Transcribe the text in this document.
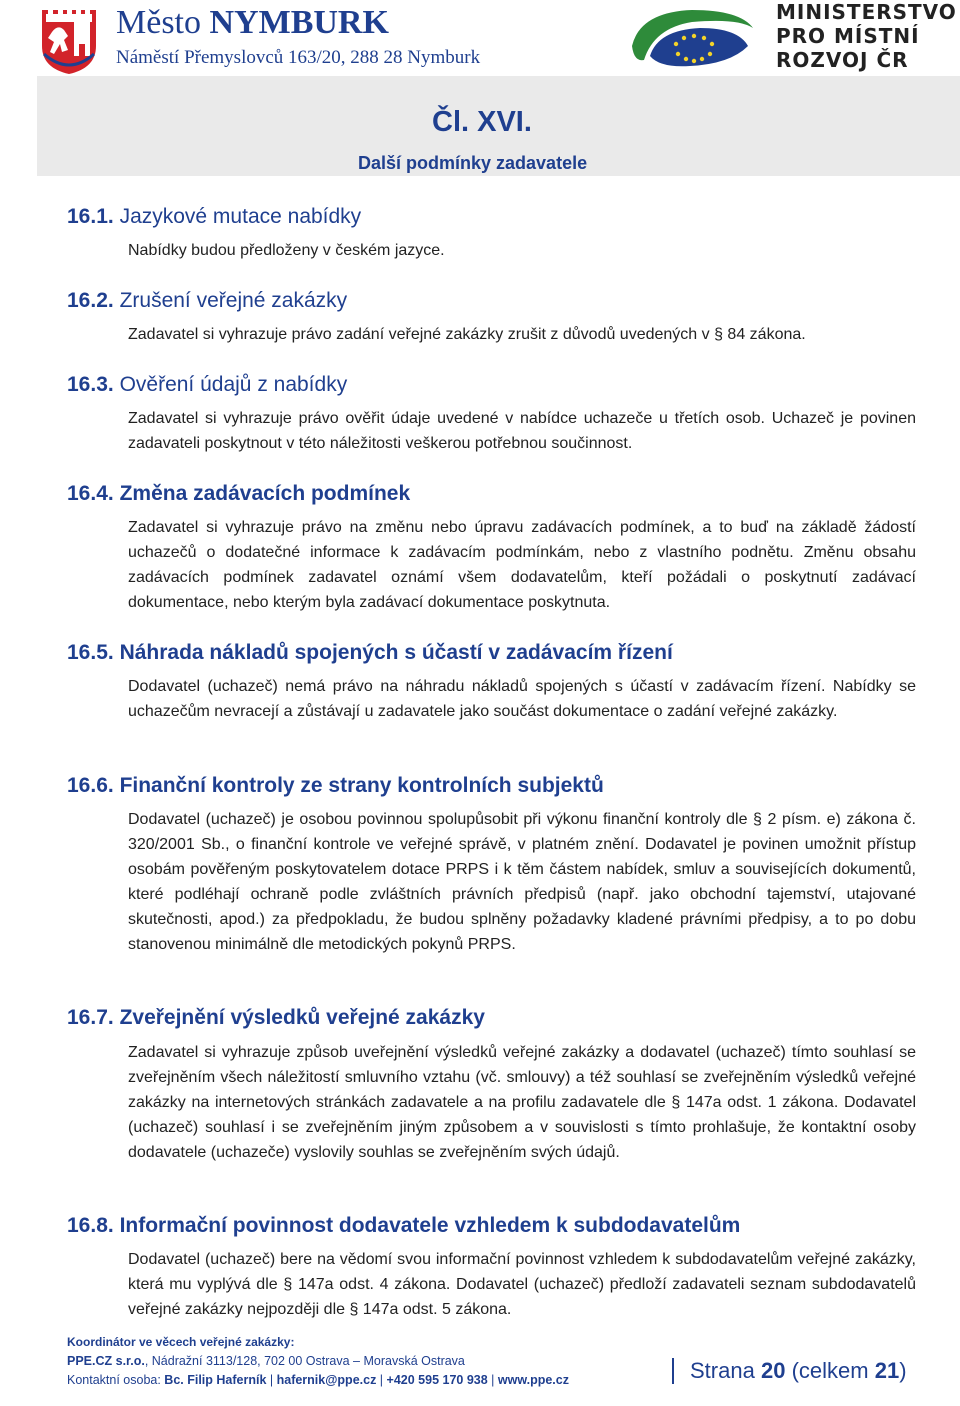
Město NYMBURK
Náměstí Přemyslovců 163/20, 288 28 Nymburk
MINISTERSTVO
PRO MÍSTNÍ
ROZVOJ ČR
Čl. XVI.
Další podmínky zadavatele
16.1. Jazykové mutace nabídky

Nabídky budou předloženy v českém jazyce.

16.2. Zrušení veřejné zakázky

Zadavatel si vyhrazuje právo zadání veřejné zakázky zrušit z důvodů uvedených v § 84 zákona.

16.3. Ověření údajů z nabídky

Zadavatel si vyhrazuje právo ověřit údaje uvedené v nabídce uchazeče u třetích osob. Uchazeč je povinen zadavateli poskytnout v této náležitosti veškerou potřebnou součinnost.

16.4. Změna zadávacích podmínek

Zadavatel si vyhrazuje právo na změnu nebo úpravu zadávacích podmínek, a to buď na základě žádostí uchazečů o dodatečné informace k zadávacím podmínkám, nebo z vlastního podnětu. Změnu obsahu zadávacích podmínek zadavatel oznámí všem dodavatelům, kteří požádali o poskytnutí zadávací dokumentace, nebo kterým byla zadávací dokumentace poskytnuta.

16.5. Náhrada nákladů spojených s účastí v zadávacím řízení

Dodavatel (uchazeč) nemá právo na náhradu nákladů spojených s účastí v zadávacím řízení. Nabídky se uchazečům nevracejí a zůstávají u zadavatele jako součást dokumentace o zadání veřejné zakázky.

16.6. Finanční kontroly ze strany kontrolních subjektů

Dodavatel (uchazeč) je osobou povinnou spolupůsobit při výkonu finanční kontroly dle § 2 písm. e) zákona č. 320/2001 Sb., o finanční kontrole ve veřejné správě, v platném znění. Dodavatel je povinen umožnit přístup osobám pověřeným poskytovatelem dotace PRPS i k těm částem nabídek, smluv a souvisejících dokumentů, které podléhají ochraně podle zvláštních právních předpisů (např. jako obchodní tajemství, utajované skutečnosti, apod.) za předpokladu, že budou splněny požadavky kladené právními předpisy, a to po dobu stanovenou minimálně dle metodických pokynů PRPS.

16.7. Zveřejnění výsledků veřejné zakázky

Zadavatel si vyhrazuje způsob uveřejnění výsledků veřejné zakázky a dodavatel (uchazeč) tímto souhlasí se zveřejněním všech náležitostí smluvního vztahu (vč. smlouvy) a též souhlasí se zveřejněním výsledků veřejné zakázky na internetových stránkách zadavatele a na profilu zadavatele dle § 147a odst. 1 zákona. Dodavatel (uchazeč) souhlasí i se zveřejněním jiným způsobem a v souvislosti s tímto prohlašuje, že kontaktní osoby dodavatele (uchazeče) vyslovily souhlas se zveřejněním svých údajů.

16.8. Informační povinnost dodavatele vzhledem k subdodavatelům

Dodavatel (uchazeč) bere na vědomí svou informační povinnost vzhledem k subdodavatelům veřejné zakázky, která mu vyplývá dle § 147a odst. 4 zákona. Dodavatel (uchazeč) předloží zadavateli seznam subdodavatelů veřejné zakázky nejpozději dle § 147a odst. 5 zákona.

Koordinátor ve věcech veřejné zakázky:
PPE.CZ s.r.o., Nádražní 3113/128, 702 00 Ostrava – Moravská Ostrava
Kontaktní osoba: Bc. Filip Haferník | hafernik@ppe.cz | +420 595 170 938 | www.ppe.cz	Strana 20 (celkem 21)
